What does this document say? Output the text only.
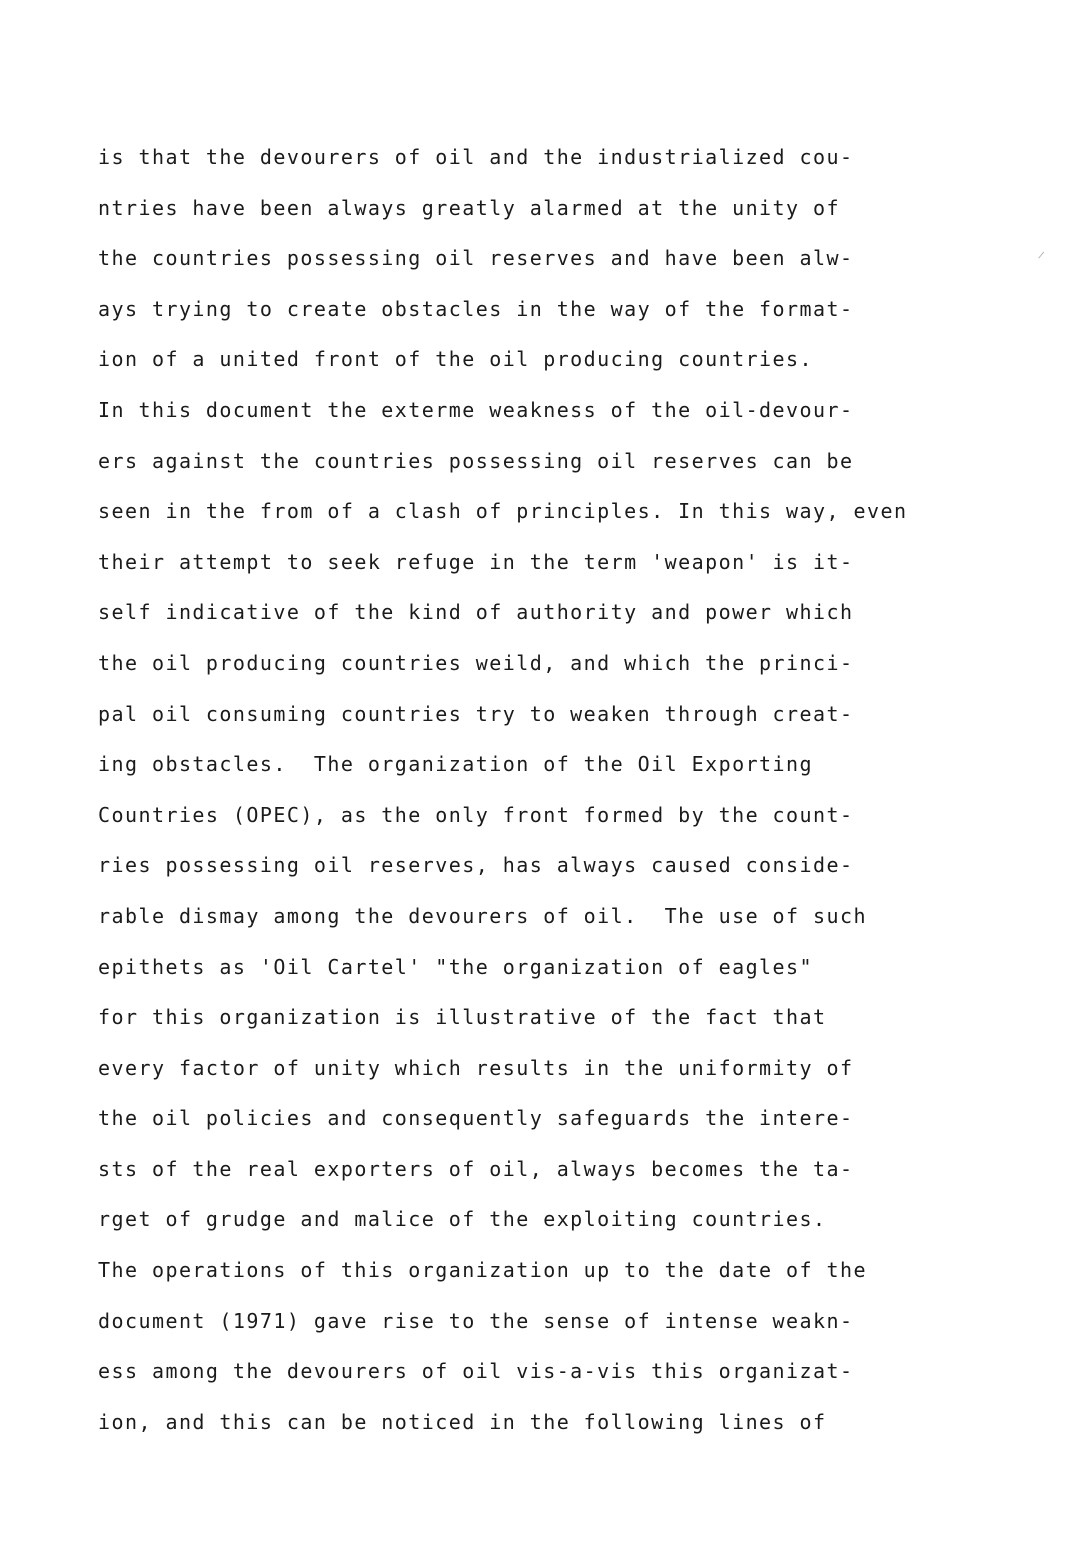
is that the devourers of oil and the industrialized cou-
ntries have been always greatly alarmed at the unity of
the countries possessing oil reserves and have been alw-
ays trying to create obstacles in the way of the format-
ion of a united front of the oil producing countries.
In this document the exterme weakness of the oil-devour-
ers against the countries possessing oil reserves can be
seen in the from of a clash of principles. In this way, even
their attempt to seek refuge in the term 'weapon' is it-
self indicative of the kind of authority and power which
the oil producing countries weild, and which the princi-
pal oil consuming countries try to weaken through creat-
ing obstacles.  The organization of the Oil Exporting
Countries (OPEC), as the only front formed by the count-
ries possessing oil reserves, has always caused conside-
rable dismay among the devourers of oil.  The use of such
epithets as 'Oil Cartel' "the organization of eagles"
for this organization is illustrative of the fact that
every factor of unity which results in the uniformity of
the oil policies and consequently safeguards the intere-
sts of the real exporters of oil, always becomes the ta-
rget of grudge and malice of the exploiting countries.
The operations of this organization up to the date of the
document (1971) gave rise to the sense of intense weakn-
ess among the devourers of oil vis-a-vis this organizat-
ion, and this can be noticed in the following lines of
